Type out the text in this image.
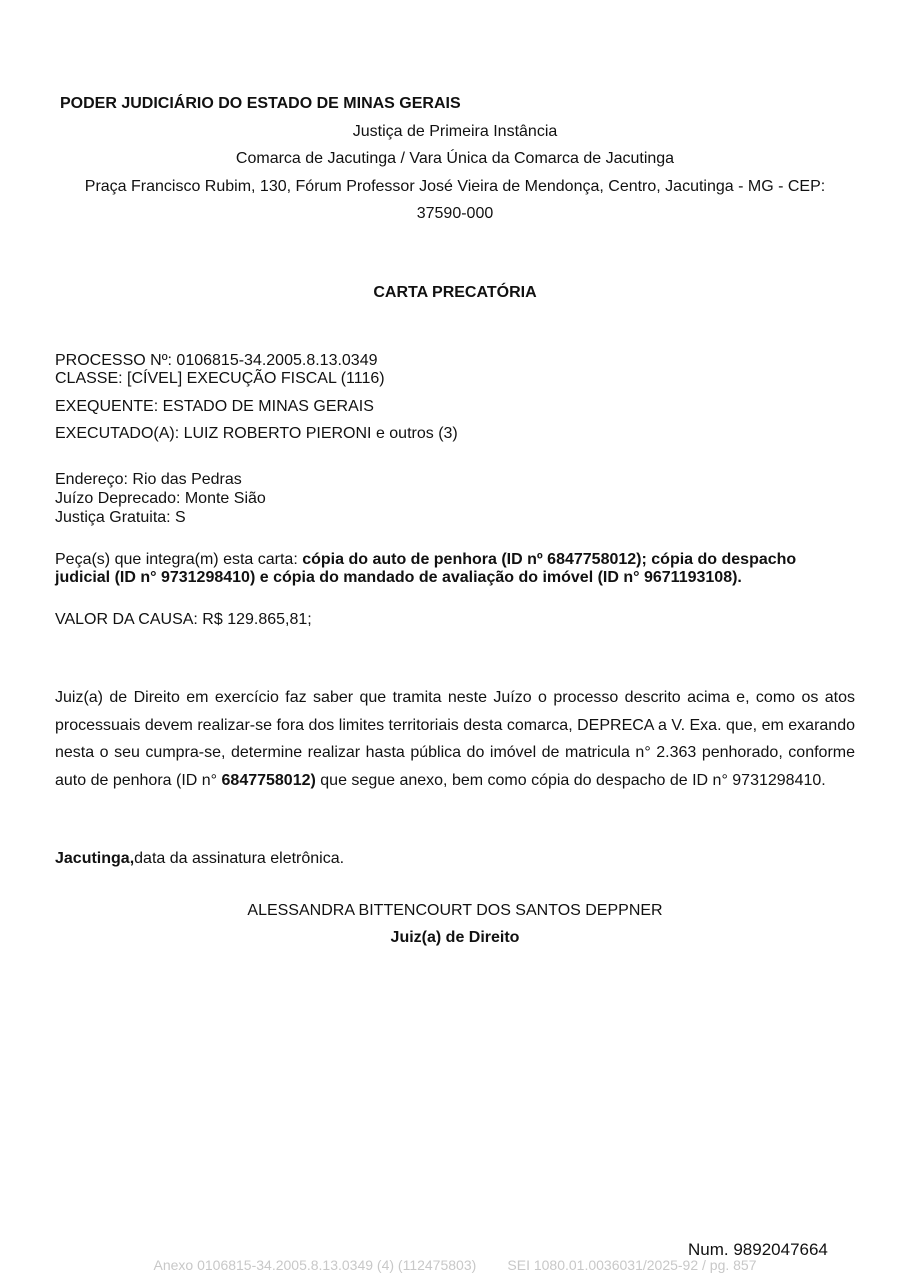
PODER JUDICIÁRIO DO ESTADO DE MINAS GERAIS
Justiça de Primeira Instância
Comarca de Jacutinga / Vara Única da Comarca de Jacutinga
Praça Francisco Rubim, 130, Fórum Professor José Vieira de Mendonça, Centro, Jacutinga - MG - CEP:
37590-000
CARTA PRECATÓRIA
PROCESSO Nº: 0106815-34.2005.8.13.0349
CLASSE: [CÍVEL] EXECUÇÃO FISCAL (1116)
EXEQUENTE: ESTADO DE MINAS GERAIS
EXECUTADO(A): LUIZ ROBERTO PIERONI e outros (3)
Endereço: Rio das Pedras
Juízo Deprecado: Monte Sião
Justiça Gratuita: S
Peça(s) que integra(m) esta carta: cópia do auto de penhora (ID nº 6847758012); cópia do despacho judicial (ID n° 9731298410) e cópia do mandado de avaliação do imóvel (ID n° 9671193108).
VALOR DA CAUSA: R$ 129.865,81;
Juiz(a) de Direito em exercício faz saber que tramita neste Juízo o processo descrito acima e, como os atos processuais devem realizar-se fora dos limites territoriais desta comarca, DEPRECA a V. Exa. que, em exarando nesta o seu cumpra-se, determine realizar hasta pública do imóvel de matricula n° 2.363 penhorado, conforme auto de penhora (ID n° 6847758012) que segue anexo, bem como cópia do despacho de ID n° 9731298410.
Jacutinga,data da assinatura eletrônica.
ALESSANDRA BITTENCOURT DOS SANTOS DEPPNER
Juiz(a) de Direito
Num. 9892047664
Anexo 0106815-34.2005.8.13.0349 (4) (112475803)        SEI 1080.01.0036031/2025-92 / pg. 857
